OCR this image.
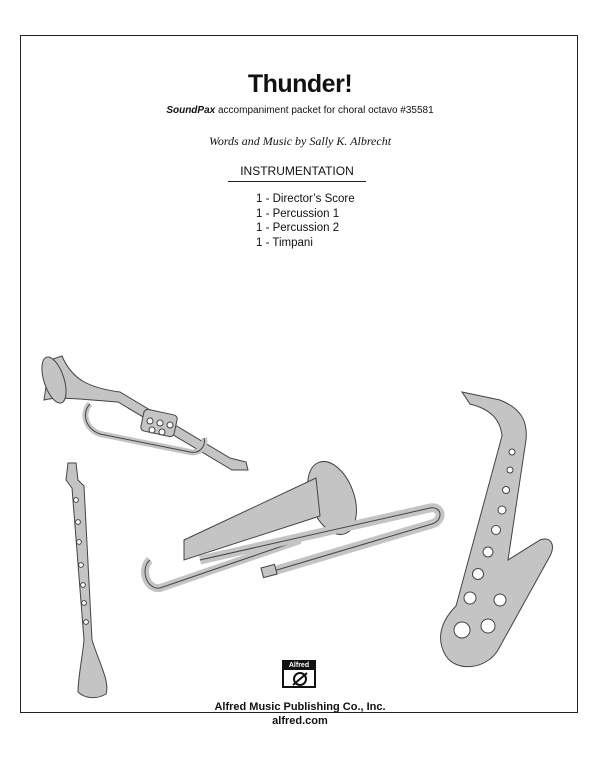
Thunder!
SoundPax accompaniment packet for choral octavo #35581
Words and Music by Sally K. Albrecht
INSTRUMENTATION
1 - Director’s Score
1 - Percussion 1
1 - Percussion 2
1 - Timpani
Alfred
Alfred Music Publishing Co., Inc.
alfred.com
